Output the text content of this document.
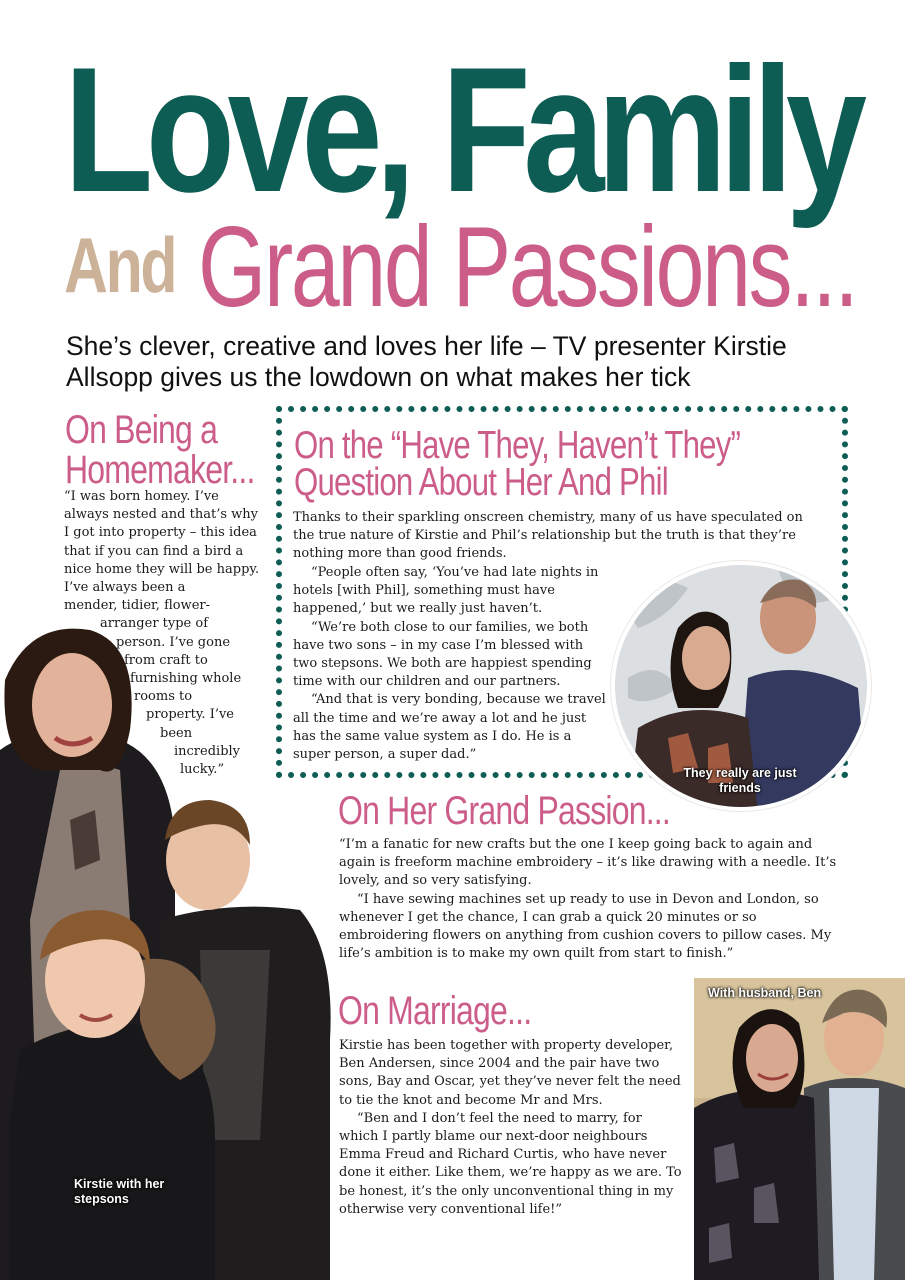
Love, Family
And Grand Passions...
She’s clever, creative and loves her life – TV presenter Kirstie Allsopp gives us the lowdown on what makes her tick
Kirstie with her stepsons
On Being a
Homemaker...
“I was born homey. I’ve
always nested and that’s why
I got into property – this idea
that if you can find a bird a
nice home they will be happy.
I’ve always been a
mender, tidier, flower-
arranger type of
person. I’ve gone
from craft to
furnishing whole
rooms to
property. I’ve
been
incredibly
lucky.”
On the “Have They, Haven’t They”
Question About Her And Phil

Thanks to their sparkling onscreen chemistry, many of us have speculated on the true nature of Kirstie and Phil’s relationship but the truth is that they’re nothing more than good friends.

“People often say, ‘You’ve had late nights in hotels [with Phil], something must have happened,’ but we really just haven’t.

“We’re both close to our families, we both have two sons – in my case I’m blessed with two stepsons. We both are happiest spending time with our children and our partners.

“And that is very bonding, because we travel all the time and we’re away a lot and he just has the same value system as I do. He is a super person, a super dad.”

They really are just friends
On Her Grand Passion...

“I’m a fanatic for new crafts but the one I keep going back to again and again is freeform machine embroidery – it’s like drawing with a needle. It’s lovely, and so very satisfying.

“I have sewing machines set up ready to use in Devon and London, so whenever I get the chance, I can grab a quick 20 minutes or so embroidering flowers on anything from cushion covers to pillow cases. My life’s ambition is to make my own quilt from start to finish.”

On Marriage...

Kirstie has been together with property developer, Ben Andersen, since 2004 and the pair have two sons, Bay and Oscar, yet they’ve never felt the need to tie the knot and become Mr and Mrs.

“Ben and I don’t feel the need to marry, for which I partly blame our next-door neighbours Emma Freud and Richard Curtis, who have never done it either. Like them, we’re happy as we are. To be honest, it’s the only unconventional thing in my otherwise very conventional life!”

With husband, Ben
